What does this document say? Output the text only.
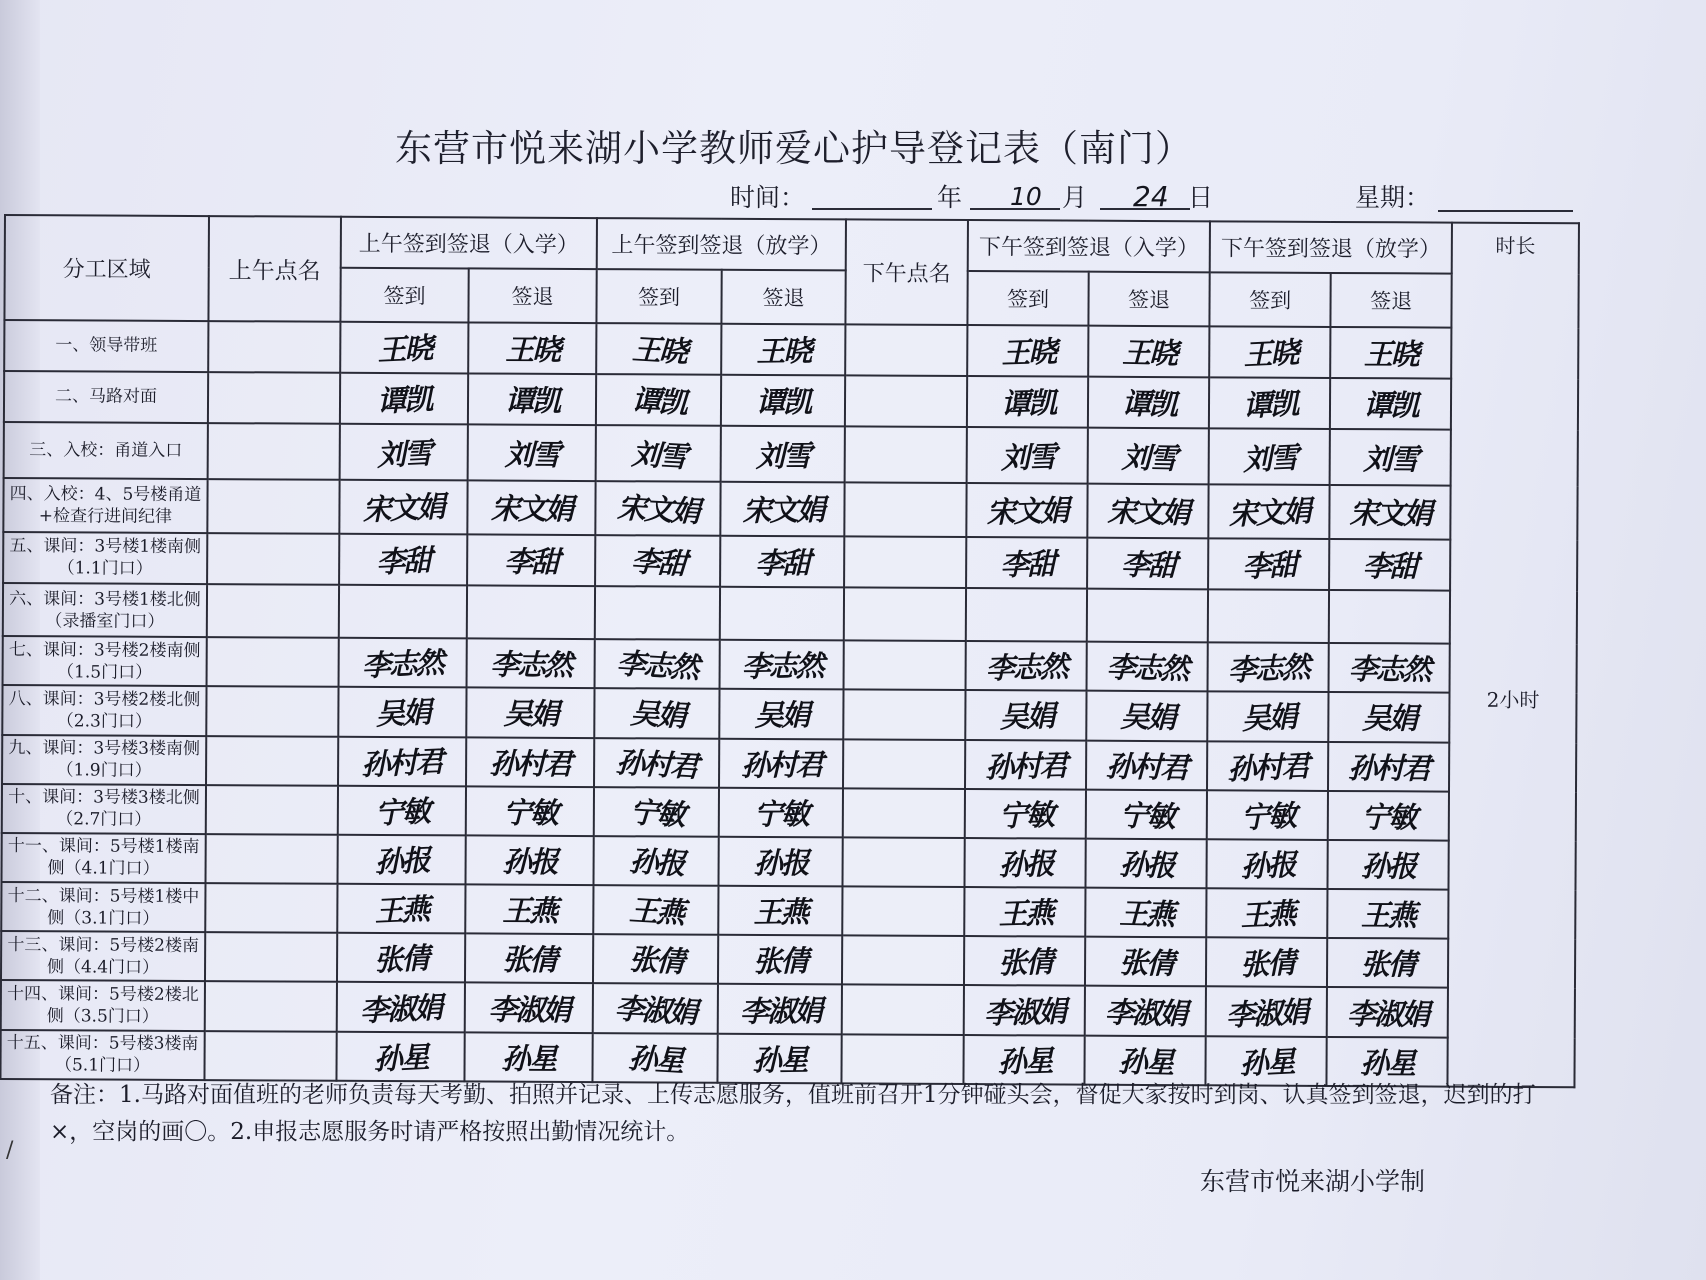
东营市悦来湖小学教师爱心护导登记表（南门）
时间：	年 10 月 24 日	星期：
分工区域	上午点名	上午签到签退（入学）		上午签到签退（放学）		下午点名	下午签到签退（入学）		下午签到签退（放学）		时长
2小时

		签到	签退	签到	签退		签到	签退	签到	签退	
一、领导带班		王晓	王晓	王晓	王晓		王晓	王晓	王晓	王晓	
二、马路对面		谭凯	谭凯	谭凯	谭凯		谭凯	谭凯	谭凯	谭凯	
三、入校：甬道入口		刘雪	刘雪	刘雪	刘雪		刘雪	刘雪	刘雪	刘雪	
四、入校：4、5号楼甬道+检查行进间纪律		宋文娟	宋文娟	宋文娟	宋文娟		宋文娟	宋文娟	宋文娟	宋文娟	
五、课间：3号楼1楼南侧（1.1门口）		李甜	李甜	李甜	李甜		李甜	李甜	李甜	李甜	
六、课间：3号楼1楼北侧（录播室门口）											
七、课间：3号楼2楼南侧（1.5门口）		李志然	李志然	李志然	李志然		李志然	李志然	李志然	李志然	
八、课间：3号楼2楼北侧（2.3门口）		吴娟	吴娟	吴娟	吴娟		吴娟	吴娟	吴娟	吴娟	
九、课间：3号楼3楼南侧（1.9门口）		孙村君	孙村君	孙村君	孙村君		孙村君	孙村君	孙村君	孙村君	
十、课间：3号楼3楼北侧（2.7门口）		宁敏	宁敏	宁敏	宁敏		宁敏	宁敏	宁敏	宁敏	
十一、课间：5号楼1楼南侧（4.1门口）		孙报	孙报	孙报	孙报		孙报	孙报	孙报	孙报	
十二、课间：5号楼1楼中侧（3.1门口）		王燕	王燕	王燕	王燕		王燕	王燕	王燕	王燕	
十三、课间：5号楼2楼南侧（4.4门口）		张倩	张倩	张倩	张倩		张倩	张倩	张倩	张倩	
十四、课间：5号楼2楼北侧（3.5门口）		李淑娟	李淑娟	李淑娟	李淑娟		李淑娟	李淑娟	李淑娟	李淑娟	
十五、课间：5号楼3楼南（5.1门口）		孙星	孙星	孙星	孙星		孙星	孙星	孙星	孙星	
备注：1.马路对面值班的老师负责每天考勤、拍照并记录、上传志愿服务，值班前召开1分钟碰头会，督促大家按时到岗、认真签到签退，迟到的打×，空岗的画〇。2.申报志愿服务时请严格按照出勤情况统计。
东营市悦来湖小学制
/
